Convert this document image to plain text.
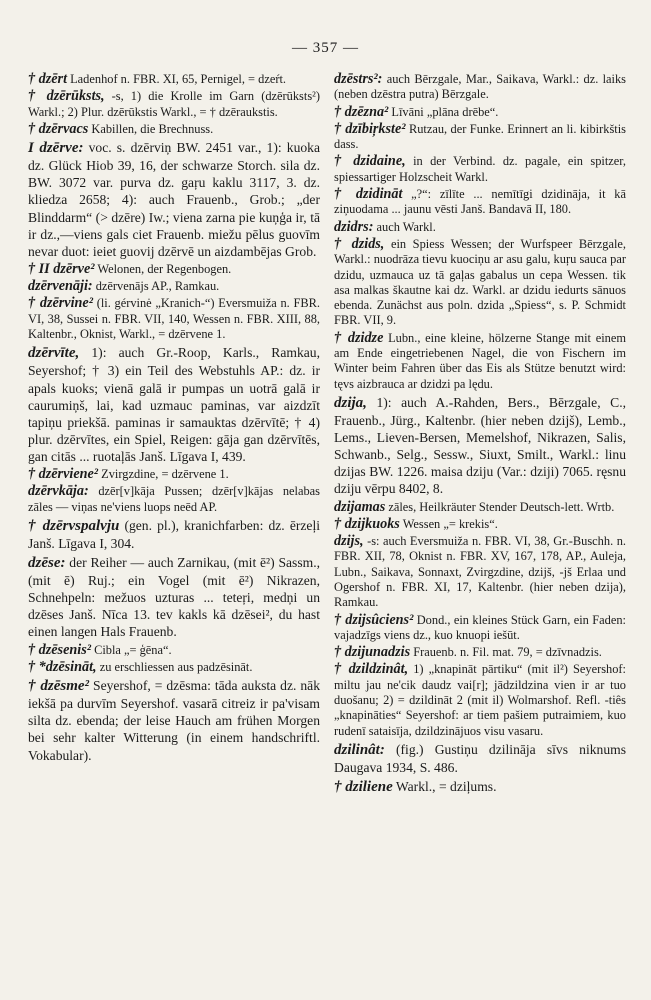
— 357 —

† dzērt Ladenhof n. FBR. XI, 65, Pernigel, = dzeŕt.

† dzērūksts, -s, 1) die Krolle im Garn (dzērūksts²) Warkl.; 2) Plur. dzērūkstis Warkl., = † dzēraukstis.

† dzērvacs Kabillen, die Brechnuss.

I dzērve: voc. s. dzērviņ BW. 2451 var., 1): kuoka dz. Glück Hiob 39, 16, der schwarze Storch. sila dz. BW. 3072 var. purva dz. gaŗu kaklu 3117, 3. dz. kliedza 2658; 4): auch Frauenb., Grob.; „der Blinddarm“ (> dzēre) Iw.; viena zarna pie kuņģa ir, tā ir dz.,—viens gals ciet Frauenb. miežu pēlus guovīm nevar duot: ieiet guovij dzērvē un aizdambējas Grob.

† II dzērve² Welonen, der Regenbogen.

dzērvenāji: dzērvenājs AP., Ramkau.

† dzērvine² (li. gérvinė „Kranich-“) Eversmuiža n. FBR. VI, 38, Sussei n. FBR. VII, 140, Wessen n. FBR. XIII, 88, Kaltenbr., Oknist, Warkl., = dzērvene 1.

dzērvīte, 1): auch Gr.-Roop, Karls., Ramkau, Seyershof; † 3) ein Teil des Webstuhls AP.: dz. ir apals kuoks; vienā galā ir pumpas un uotrā galā ir caurumiņš, lai, kad uzmauc paminas, var aizdzīt tapiņu priekšā. paminas ir samauktas dzērvītē; † 4) plur. dzērvītes, ein Spiel, Reigen: gāja gan dzērvītēs, gan citās ... ruotaļās Janš. Līgava I, 439.

† dzērviene² Zvirgzdine, = dzērvene 1.

dzērvkāja: dzēr[v]kāja Pussen; dzēr[v]kājas nelabas zāles — viņas ne'viens luops neēd AP.

† dzērvspalvju (gen. pl.), kranichfarben: dz. ērzeļi Janš. Līgava I, 304.

dzēse: der Reiher — auch Zarnikau, (mit ē²) Sassm., (mit ē) Ruj.; ein Vogel (mit ē²) Nikrazen, Schnehpeln: mežuos uzturas ... teteŗi, medņi un dzēses Janš. Nīca 13. tev kakls kā dzēsei², du hast einen langen Hals Frauenb.

† dzēsenis² Cibla „= ģēna“.

† *dzēsināt, zu erschliessen aus padzēsināt.

† dzēsme² Seyershof, = dzēsma: tāda auksta dz. nāk iekšā pa durvīm Seyershof. vasarā citreiz ir pa'visam silta dz. ebenda; der leise Hauch am frühen Morgen bei sehr kalter Witterung (in einem handschriftl. Vokabular).

dzēstrs²: auch Bērzgale, Mar., Saikava, Warkl.: dz. laiks (neben dzēstra putra) Bērzgale.

† dzēzna² Līvāni „plāna drēbe“.

† dzībiŗkste² Rutzau, der Funke. Erinnert an li. kibirkštis dass.

† dzidaine, in der Verbind. dz. pagale, ein spitzer, spiessartiger Holzscheit Warkl.

† dzidināt „?“: zīlīte ... nemītīgi dzidināja, it kā ziņuodama ... jaunu vēsti Janš. Bandavā II, 180.

dzidrs: auch Warkl.

† dzids, ein Spiess Wessen; der Wurfspeer Bērzgale, Warkl.: nuodrāza tievu kuociņu ar asu galu, kuŗu sauca par dzidu, uzmauca uz tā gaļas gabalus un cepa Wessen. tik asa malkas škautne kai dz. Warkl. ar dzidu iedurts sānuos ebenda. Zunächst aus poln. dzida „Spiess“, s. P. Schmidt FBR. VII, 9.

† dzidze Lubn., eine kleine, hölzerne Stange mit einem am Ende eingetriebenen Nagel, die von Fischern im Winter beim Fahren über das Eis als Stütze benutzt wird: tęvs aizbrauca ar dzidzi pa lędu.

dzija, 1): auch A.-Rahden, Bers., Bērzgale, C., Frauenb., Jürg., Kaltenbr. (hier neben dzijš), Lemb., Lems., Lieven-Bersen, Memelshof, Nikrazen, Salis, Schwanb., Selg., Sessw., Siuxt, Smilt., Warkl.: linu dzijas BW. 1226. maisa dziju (Var.: dziji) 7065. ręsnu dziju vērpu 8402, 8.

dzijamas zāles, Heilkräuter Stender Deutsch-lett. Wrtb.

† dzijkuoks Wessen „= krekis“.

dzijs, -s: auch Eversmuiža n. FBR. VI, 38, Gr.-Buschh. n. FBR. XII, 78, Oknist n. FBR. XV, 167, 178, AP., Auleja, Lubn., Saikava, Sonnaxt, Zvirgzdine, dzijš, -jš Erlaa und Ogershof n. FBR. XI, 17, Kaltenbr. (hier neben dzija), Ramkau.

† dzijsûciens² Dond., ein kleines Stück Garn, ein Faden: vajadzīgs viens dz., kuo knuopi iešūt.

† dzijunadzis Frauenb. n. Fil. mat. 79, = dzīvnadzis.

† dzildzinât, 1) „knapināt pārtiku“ (mit il²) Seyershof: miltu jau ne'cik daudz vai[r]; jādzildzina vien ir ar tuo duošanu; 2) = dzildināt 2 (mit il) Wolmarshof. Refl. -tiês „knapināties“ Seyershof: ar tiem pašiem putraimiem, kuo rudenī sataisīja, dzildzinājuos visu vasaru.

dzilinât: (fig.) Gustiņu dzilināja sīvs niknums Daugava 1934, S. 486.

† dziliene Warkl., = dziļums.
